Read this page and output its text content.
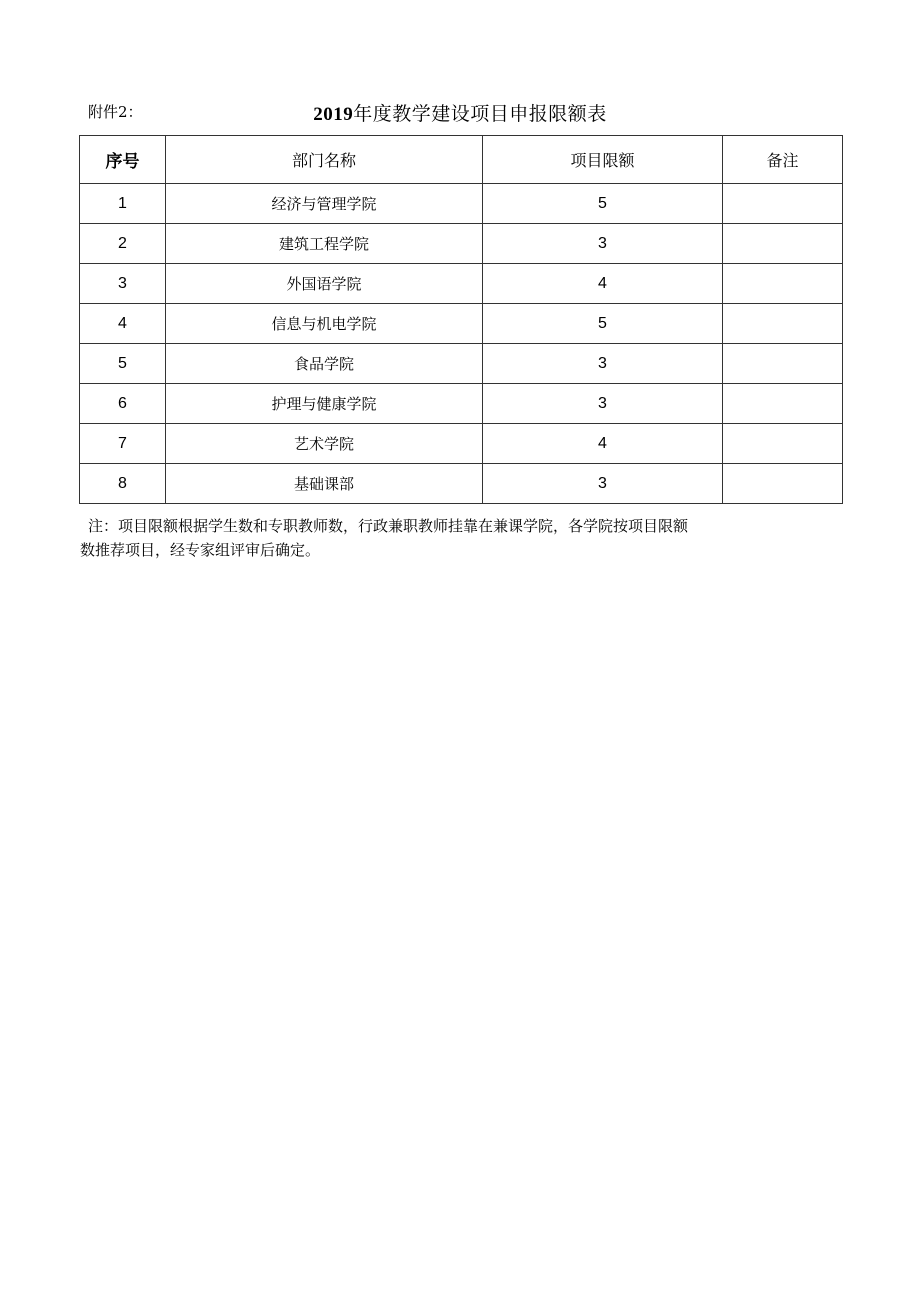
附件2：	2019年度教学建设项目申报限额表
序号	部门名称	项目限额	备注
1	经济与管理学院	5	
2	建筑工程学院	3	
3	外国语学院	4	
4	信息与机电学院	5	
5	食品学院	3	
6	护理与健康学院	3	
7	艺术学院	4	
8	基础课部	3	

注：项目限额根据学生数和专职教师数，行政兼职教师挂靠在兼课学院，各学院按项目限额

数推荐项目，经专家组评审后确定。
